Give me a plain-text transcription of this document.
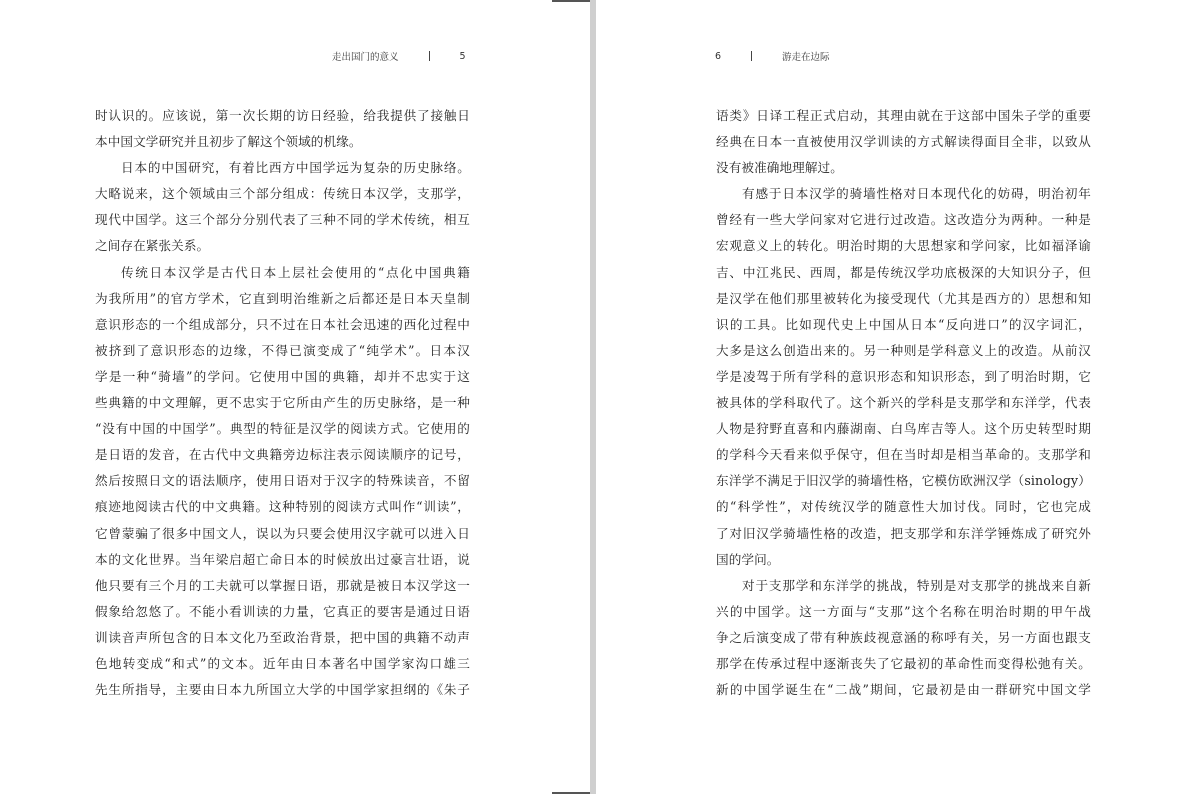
走出国门的意义	5
时认识的。应该说，第一次长期的访日经验，给我提供了接触日
本中国文学研究并且初步了解这个领域的机缘。
日本的中国研究，有着比西方中国学远为复杂的历史脉络。
大略说来，这个领域由三个部分组成：传统日本汉学，支那学，
现代中国学。这三个部分分别代表了三种不同的学术传统，相互
之间存在紧张关系。
传统日本汉学是古代日本上层社会使用的“点化中国典籍
为我所用”的官方学术，它直到明治维新之后都还是日本天皇制
意识形态的一个组成部分，只不过在日本社会迅速的西化过程中
被挤到了意识形态的边缘，不得已演变成了“纯学术”。日本汉
学是一种“骑墙”的学问。它使用中国的典籍，却并不忠实于这
些典籍的中文理解，更不忠实于它所由产生的历史脉络，是一种
“没有中国的中国学”。典型的特征是汉学的阅读方式。它使用的
是日语的发音，在古代中文典籍旁边标注表示阅读顺序的记号，
然后按照日文的语法顺序，使用日语对于汉字的特殊读音，不留
痕迹地阅读古代的中文典籍。这种特别的阅读方式叫作“训读”，
它曾蒙骗了很多中国文人，误以为只要会使用汉字就可以进入日
本的文化世界。当年梁启超亡命日本的时候放出过豪言壮语，说
他只要有三个月的工夫就可以掌握日语，那就是被日本汉学这一
假象给忽悠了。不能小看训读的力量，它真正的要害是通过日语
训读音声所包含的日本文化乃至政治背景，把中国的典籍不动声
色地转变成“和式”的文本。近年由日本著名中国学家沟口雄三
先生所指导，主要由日本九所国立大学的中国学家担纲的《朱子
6	游走在边际
语类》日译工程正式启动，其理由就在于这部中国朱子学的重要
经典在日本一直被使用汉学训读的方式解读得面目全非，以致从
没有被准确地理解过。
有感于日本汉学的骑墙性格对日本现代化的妨碍，明治初年
曾经有一些大学问家对它进行过改造。这改造分为两种。一种是
宏观意义上的转化。明治时期的大思想家和学问家，比如福泽谕
吉、中江兆民、西周，都是传统汉学功底极深的大知识分子，但
是汉学在他们那里被转化为接受现代（尤其是西方的）思想和知
识的工具。比如现代史上中国从日本“反向进口”的汉字词汇，
大多是这么创造出来的。另一种则是学科意义上的改造。从前汉
学是凌驾于所有学科的意识形态和知识形态，到了明治时期，它
被具体的学科取代了。这个新兴的学科是支那学和东洋学，代表
人物是狩野直喜和内藤湖南、白鸟库吉等人。这个历史转型时期
的学科今天看来似乎保守，但在当时却是相当革命的。支那学和
东洋学不满足于旧汉学的骑墙性格，它模仿欧洲汉学（sinology）
的“科学性”，对传统汉学的随意性大加讨伐。同时，它也完成
了对旧汉学骑墙性格的改造，把支那学和东洋学锤炼成了研究外
国的学问。
对于支那学和东洋学的挑战，特别是对支那学的挑战来自新
兴的中国学。这一方面与“支那”这个名称在明治时期的甲午战
争之后演变成了带有种族歧视意涵的称呼有关，另一方面也跟支
那学在传承过程中逐渐丧失了它最初的革命性而变得松弛有关。
新的中国学诞生在“二战”期间，它最初是由一群研究中国文学
